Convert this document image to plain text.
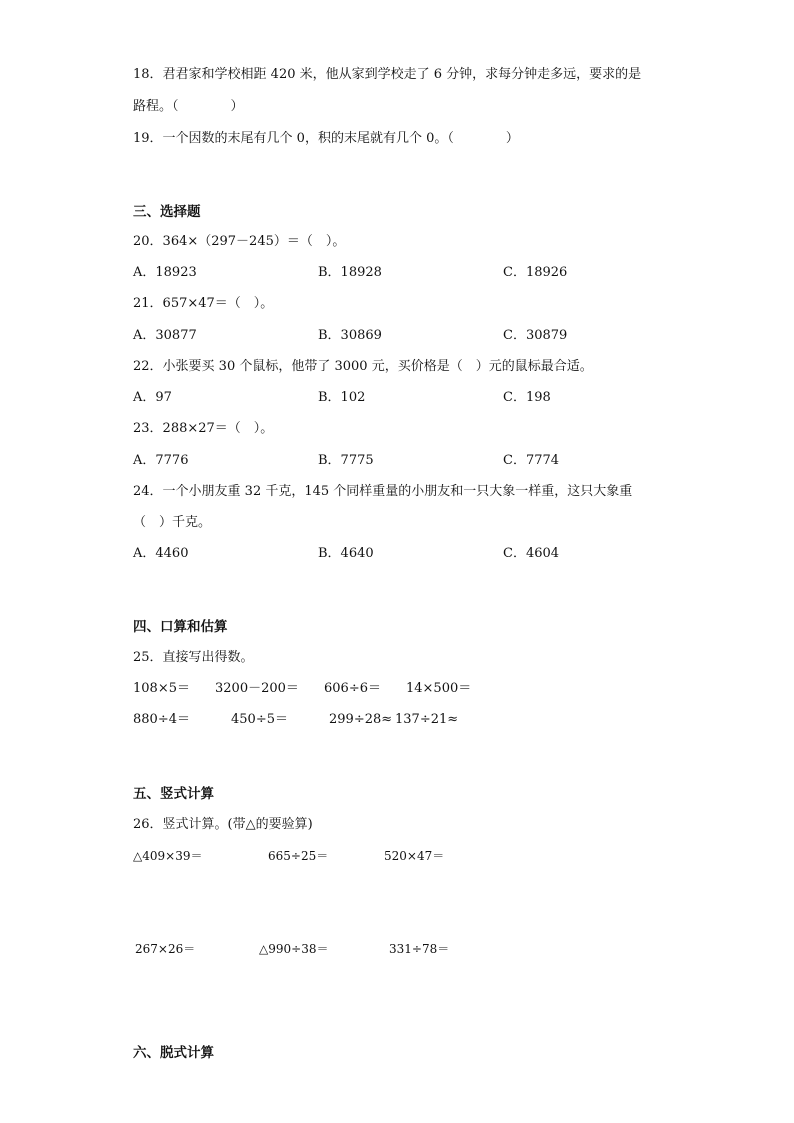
18．君君家和学校相距 420 米，他从家到学校走了 6 分钟，求每分钟走多远，要求的是
路程。（　　　　）
19．一个因数的末尾有几个 0，积的末尾就有几个 0。（　　　　）
三、选择题
20．364×（297－245）＝（　）。
A．18923	B．18928	C．18926
21．657×47＝（　）。
A．30877	B．30869	C．30879
22．小张要买 30 个鼠标，他带了 3000 元，买价格是（　）元的鼠标最合适。
A．97	B．102	C．198
23．288×27＝（　）。
A．7776	B．7775	C．7774
24．一个小朋友重 32 千克，145 个同样重量的小朋友和一只大象一样重，这只大象重
（　）千克。
A．4460	B．4640	C．4604
四、口算和估算
25．直接写出得数。
108×5＝ 3200－200＝ 606÷6＝ 14×500＝
880÷4＝	450÷5＝	299÷28≈ 137÷21≈
五、竖式计算
26．竖式计算。(带△的要验算)
△409×39＝	665÷25＝	520×47＝
267×26＝	△990÷38＝	331÷78＝
六、脱式计算
